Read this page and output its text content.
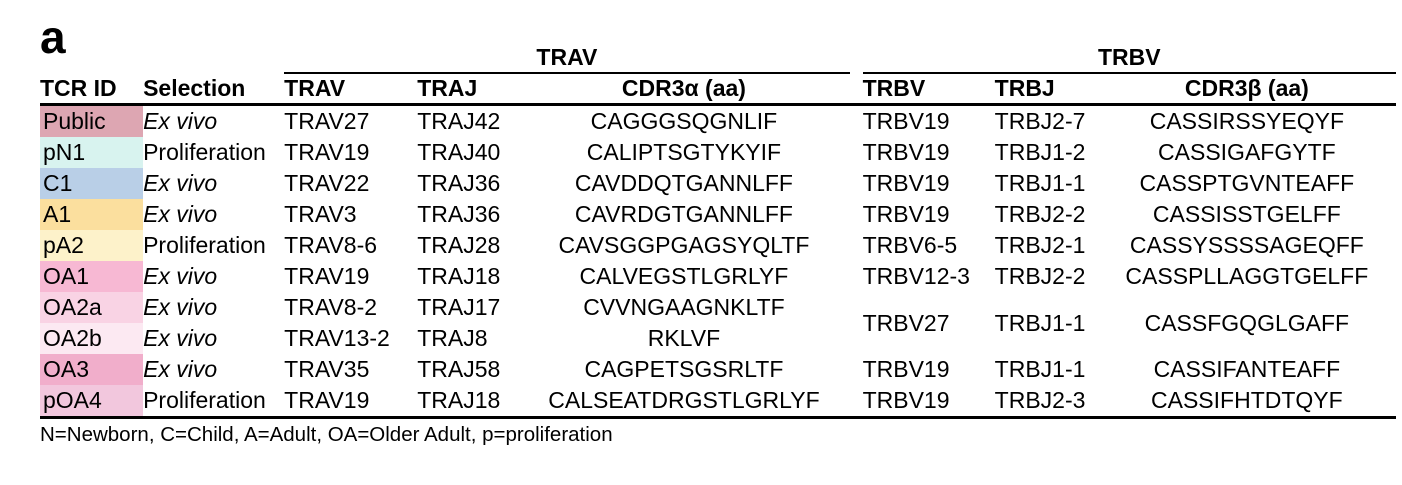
a
		TRAV				TRBV		
TCR ID	Selection	TRAV	TRAJ	CDR3α (aa)		TRBV	TRBJ	CDR3β (aa)
Public	Ex vivo	TRAV27	TRAJ42	CAGGGSQGNLIF		TRBV19	TRBJ2-7	CASSIRSSYEQYF
pN1	Proliferation	TRAV19	TRAJ40	CALIPTSGTYKYIF		TRBV19	TRBJ1-2	CASSIGAFGYTF
C1	Ex vivo	TRAV22	TRAJ36	CAVDDQTGANNLFF		TRBV19	TRBJ1-1	CASSPTGVNTEAFF
A1	Ex vivo	TRAV3	TRAJ36	CAVRDGTGANNLFF		TRBV19	TRBJ2-2	CASSISSTGELFF
pA2	Proliferation	TRAV8-6	TRAJ28	CAVSGGPGAGSYQLTF		TRBV6-5	TRBJ2-1	CASSYSSSSAGEQFF
OA1	Ex vivo	TRAV19	TRAJ18	CALVEGSTLGRLYF		TRBV12-3	TRBJ2-2	CASSPLLAGGTGELFF
OA2a	Ex vivo	TRAV8-2	TRAJ17	CVVNGAAGNKLTF		TRBV27	TRBJ1-1	CASSFGQGLGAFF
OA2b	Ex vivo	TRAV13-2	TRAJ8	RKLVF				
OA3	Ex vivo	TRAV35	TRAJ58	CAGPETSGSRLTF		TRBV19	TRBJ1-1	CASSIFANTEAFF
pOA4	Proliferation	TRAV19	TRAJ18	CALSEATDRGSTLGRLYF		TRBV19	TRBJ2-3	CASSIFHTDTQYF
N=Newborn, C=Child, A=Adult, OA=Older Adult, p=proliferation
